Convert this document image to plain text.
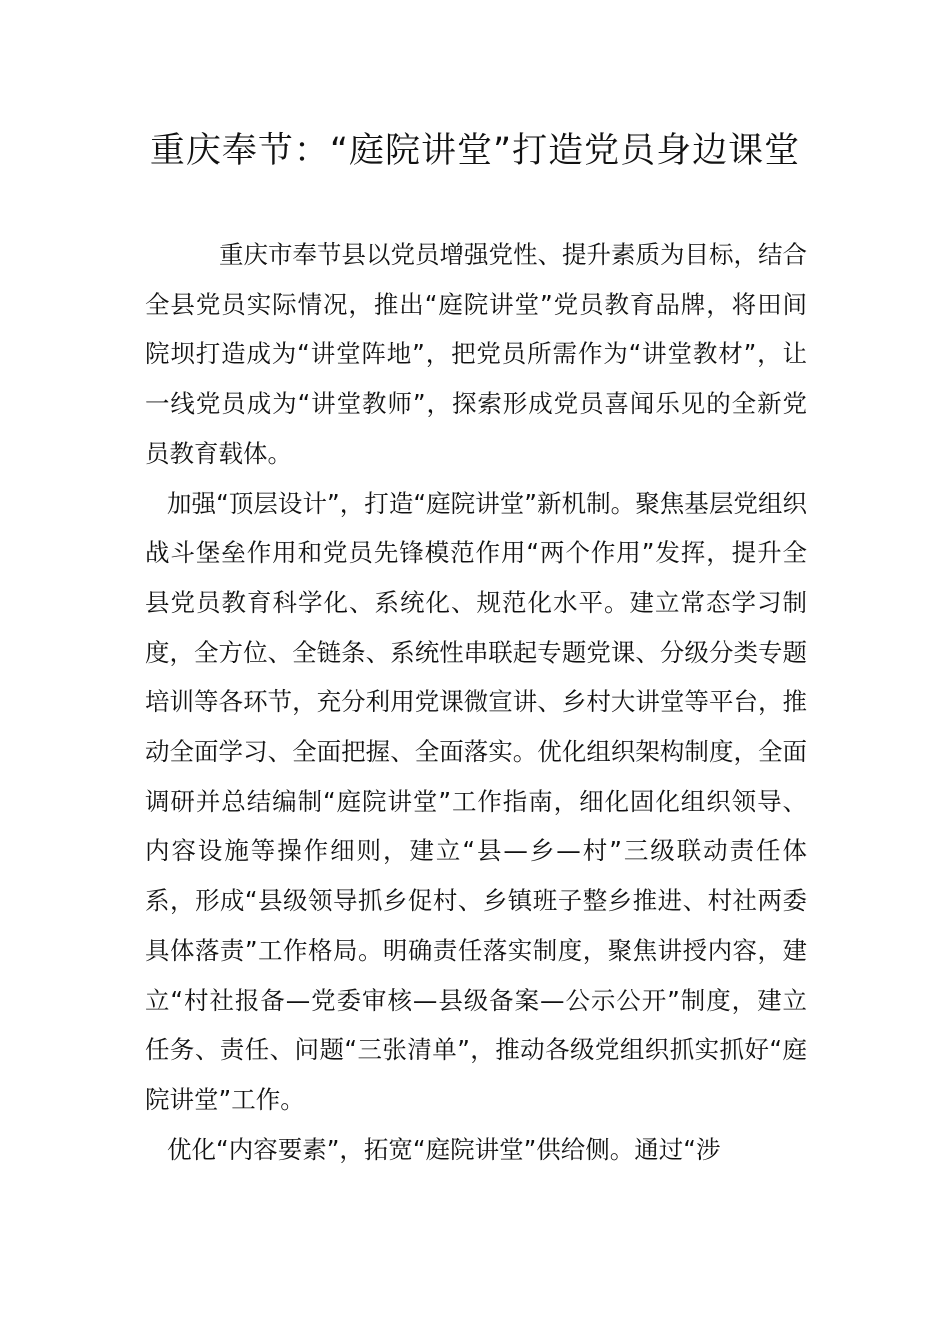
重庆奉节：“庭院讲堂”打造党员身边课堂

重庆市奉节县以党员增强党性、提升素质为目标，结合全县党员实际情况，推出“庭院讲堂”党员教育品牌，将田间院坝打造成为“讲堂阵地”，把党员所需作为“讲堂教材”，让一线党员成为“讲堂教师”，探索形成党员喜闻乐见的全新党员教育载体。

加强“顶层设计”，打造“庭院讲堂”新机制。聚焦基层党组织战斗堡垒作用和党员先锋模范作用“两个作用”发挥，提升全县党员教育科学化、系统化、规范化水平。建立常态学习制度，全方位、全链条、系统性串联起专题党课、分级分类专题培训等各环节，充分利用党课微宣讲、乡村大讲堂等平台，推动全面学习、全面把握、全面落实。优化组织架构制度，全面调研并总结编制“庭院讲堂”工作指南，细化固化组织领导、内容设施等操作细则，建立“县—乡—村”三级联动责任体系，形成“县级领导抓乡促村、乡镇班子整乡推进、村社两委具体落责”工作格局。明确责任落实制度，聚焦讲授内容，建立“村社报备—党委审核—县级备案—公示公开”制度，建立任务、责任、问题“三张清单”，推动各级党组织抓实抓好“庭院讲堂”工作。

优化“内容要素”，拓宽“庭院讲堂”供给侧。通过“涉
